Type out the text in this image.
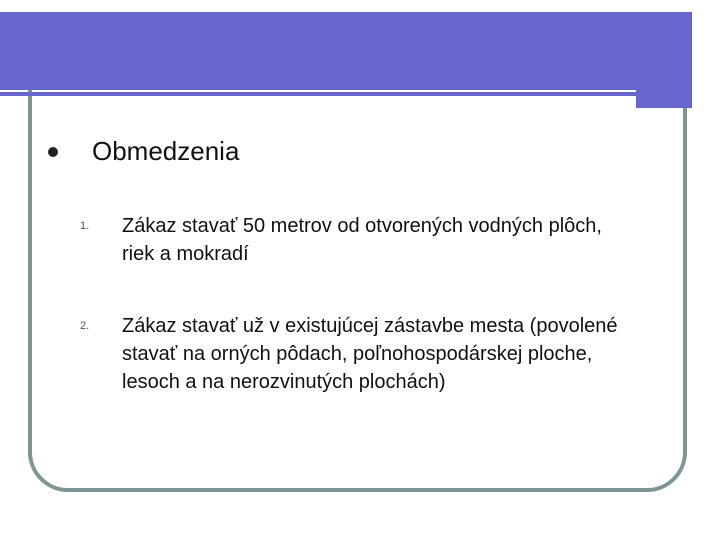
Obmedzenia
1. Zákaz stavať 50 metrov od otvorených vodných plôch, riek a mokradí
2. Zákaz stavať už v existujúcej zástavbe mesta (povolené stavať na orných pôdach, poľnohospodárskej ploche, lesoch a na nerozvinutých plochách)
